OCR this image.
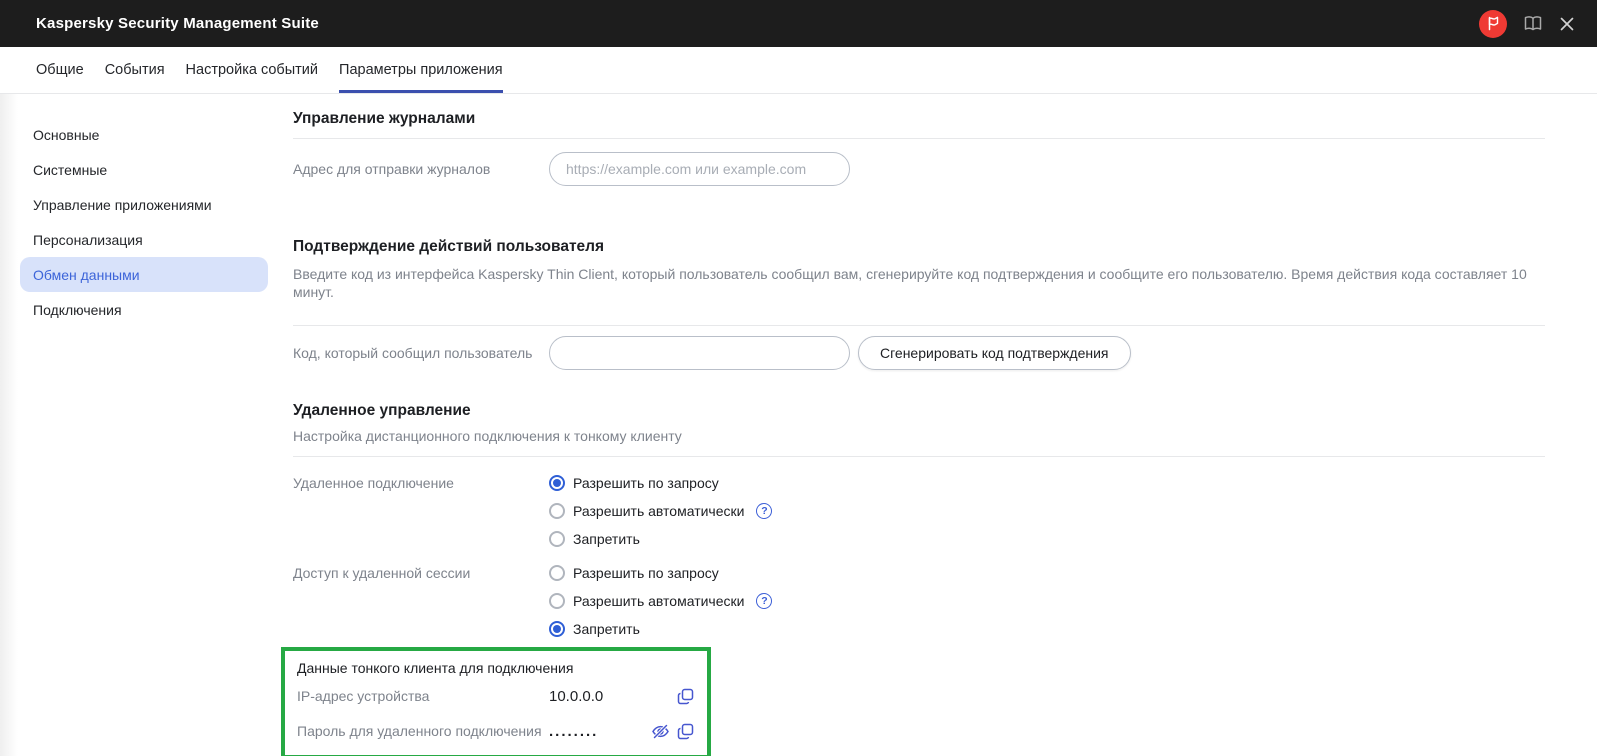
Kaspersky Security Management Suite
Общие События Настройка событий Параметры приложения
Основные
Системные
Управление приложениями
Персонализация
Обмен данными
Подключения
Управление журналами
Адрес для отправки журналов
https://example.com или example.com
Подтверждение действий пользователя
Введите код из интерфейса Kaspersky Thin Client, который пользователь сообщил вам, сгенерируйте код подтверждения и сообщите его пользователю. Время действия кода составляет 10 минут.
Код, который сообщил пользователь	Сгенерировать код подтверждения
Удаленное управление
Настройка дистанционного подключения к тонкому клиенту
Удаленное подключение	Разрешить по запросу
Разрешить автоматически	?
Запретить
Доступ к удаленной сессии	Разрешить по запросу
Разрешить автоматически	?
Запретить
Данные тонкого клиента для подключения
IP-адрес устройства	10.0.0.0
Пароль для удаленного подключения ........
